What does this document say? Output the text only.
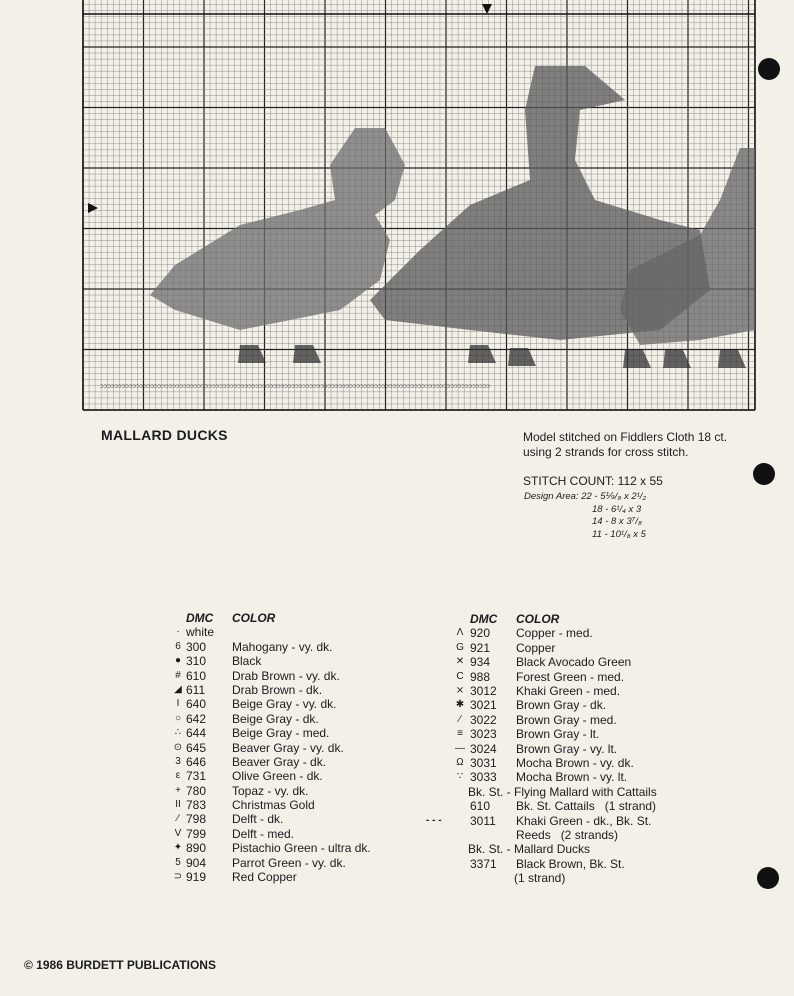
⊃⊃⊃⊃⊃⊃⊃⊃⊃⊃⊃⊃⊃⊃⊃⊃⊃⊃⊃⊃⊃⊃⊃⊃⊃⊃⊃⊃⊃⊃⊃⊃⊃⊃⊃⊃⊃⊃⊃⊃⊃⊃⊃⊃⊃⊃⊃⊃⊃⊃⊃⊃⊃⊃⊃⊃⊃⊃⊃⊃⊃⊃⊃⊃⊃⊃⊃⊃⊃⊃⊃⊃⊃⊃⊃⊃⊃⊃⊃⊃⊃⊃⊃⊃⊃⊃⊃⊃⊃⊃⊃⊃⊃⊃⊃⊃⊃⊃⊃⊃⊃⊃⊃⊃⊃⊃⊃⊃
MALLARD DUCKS	Model stitched on Fiddlers Cloth 18 ct.
using 2 strands for cross stitch.
STITCH COUNT: 112 x 55
Design Area: 22 - 5⅑/₈ x 2¹/₂
18 - 6¹/₄ x 3
14 - 8 x 3⁷/₈
11 - 10¹/₈ x 5
DMC COLOR
· white
6 300	Mahogany - vy. dk.
● 310	Black
# 610	Drab Brown - vy. dk.
◢ 611	Drab Brown - dk.
I 640	Beige Gray - vy. dk.
○ 642	Beige Gray - dk.
∴ 644	Beige Gray - med.
⊙ 645	Beaver Gray - vy. dk.
3 646	Beaver Gray - dk.
ε 731	Olive Green - dk.
+ 780	Topaz - vy. dk.
II 783	Christmas Gold
∕ 798	Delft - dk.
V 799	Delft - med.
✦ 890	Pistachio Green - ultra dk.
5 904	Parrot Green - vy. dk.
⊃ 919	Red Copper
DMC COLOR
Λ 920	Copper - med.
G 921	Copper
✕ 934	Black Avocado Green
C 988	Forest Green - med.
⨯ 3012	Khaki Green - med.
✱ 3021	Brown Gray - dk.
⁄ 3022	Brown Gray - med.
≡ 3023	Brown Gray - lt.
— 3024	Brown Gray - vy. lt.
Ω 3031	Mocha Brown - vy. dk.
∵ 3033	Mocha Brown - vy. lt.
Bk. St. - Flying Mallard with Cattails
610	Bk. St. Cattails   (1 strand)
- - -	3011	Khaki Green - dk., Bk. St.
Reeds   (2 strands)
Bk. St. - Mallard Ducks
3371	Black Brown, Bk. St.
(1 strand)
© 1986 BURDETT PUBLICATIONS
